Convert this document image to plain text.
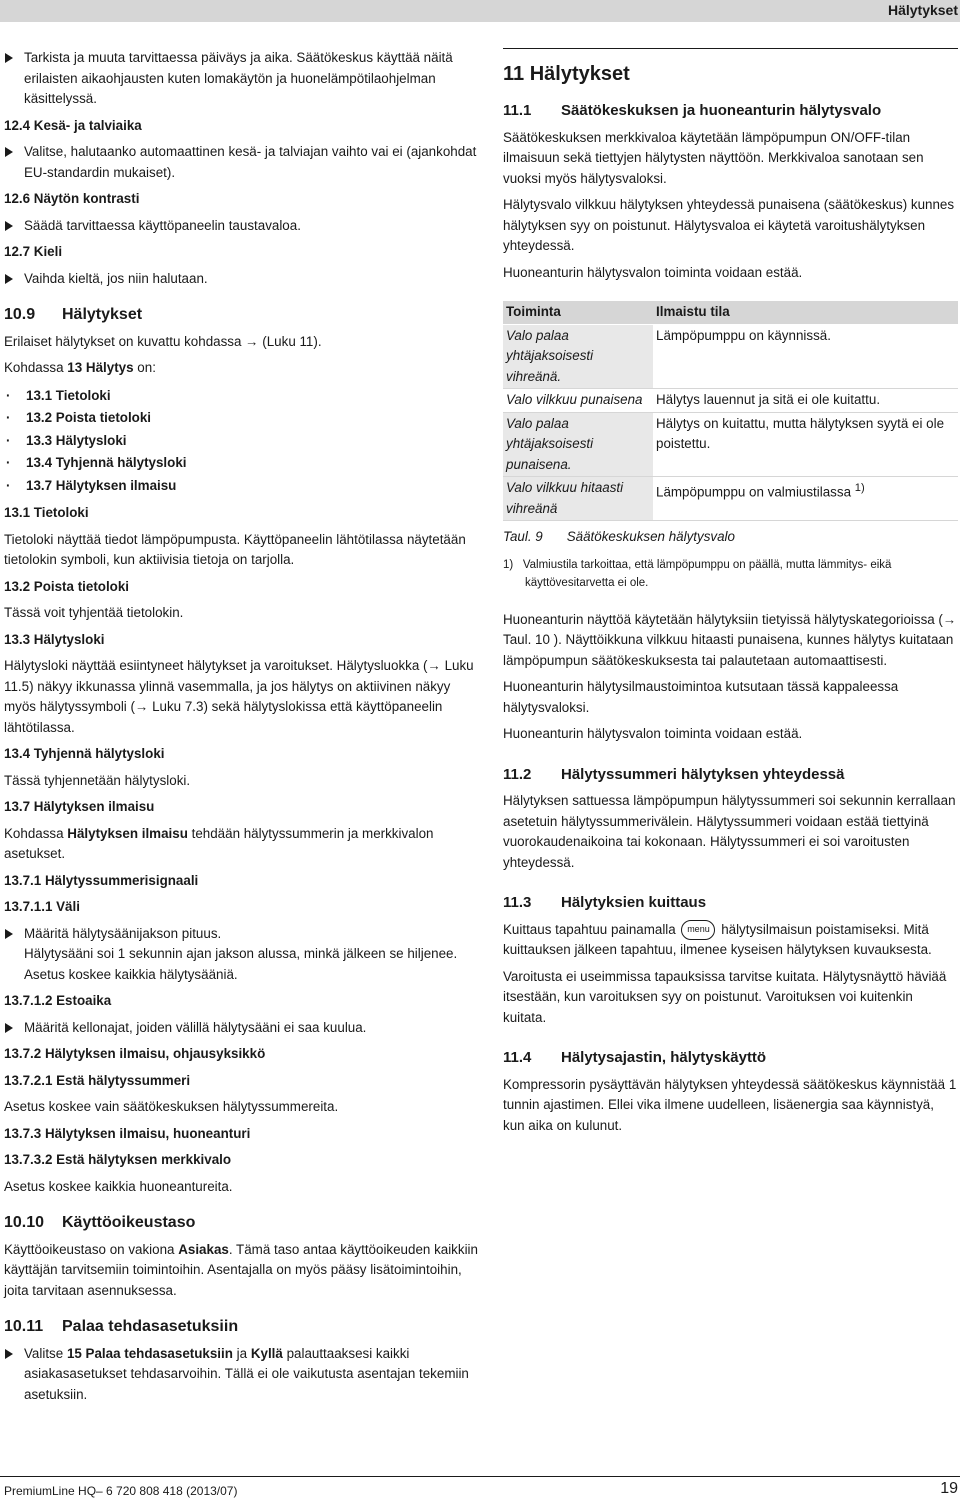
Hälytykset
Tarkista ja muuta tarvittaessa päiväys ja aika. Säätökeskus käyttää näitä erilaisten aikaohjausten kuten lomakäytön ja huonelämpötilaohjelman käsittelyssä.
12.4 Kesä- ja talviaika
Valitse, halutaanko automaattinen kesä- ja talviajan vaihto vai ei (ajankohdat EU-standardin mukaiset).
12.6 Näytön kontrasti
Säädä tarvittaessa käyttöpaneelin taustavaloa.
12.7 Kieli
Vaihda kieltä, jos niin halutaan.
10.9	Hälytykset

Erilaiset hälytykset on kuvattu kohdassa → (Luku 11).

Kohdassa 13 Hälytys on:

· 13.1 Tietoloki
· 13.2 Poista tietoloki
· 13.3 Hälytysloki
· 13.4 Tyhjennä hälytysloki
· 13.7 Hälytyksen ilmaisu
13.1 Tietoloki

Tietoloki näyttää tiedot lämpöpumpusta. Käyttöpaneelin lähtötilassa näytetään tietolokin symboli, kun aktiivisia tietoja on tarjolla.

13.2 Poista tietoloki

Tässä voit tyhjentää tietolokin.

13.3 Hälytysloki

Hälytysloki näyttää esiintyneet hälytykset ja varoitukset. Hälytysluokka (→ Luku 11.5) näkyy ikkunassa ylinnä vasemmalla, ja jos hälytys on aktiivinen näkyy myös hälytyssymboli (→ Luku 7.3) sekä hälytyslokissa että käyttöpaneelin lähtötilassa.

13.4 Tyhjennä hälytysloki

Tässä tyhjennetään hälytysloki.

13.7 Hälytyksen ilmaisu

Kohdassa Hälytyksen ilmaisu tehdään hälytyssummerin ja merkkivalon asetukset.

13.7.1 Hälytyssummerisignaali
13.7.1.1 Väli
Määritä hälytysäänijakson pituus.
Hälytysääni soi 1 sekunnin ajan jakson alussa, minkä jälkeen se hiljenee. Asetus koskee kaikkia hälytysääniä.
13.7.1.2 Estoaika
Määritä kellonajat, joiden välillä hälytysääni ei saa kuulua.
13.7.2 Hälytyksen ilmaisu, ohjausyksikkö
13.7.2.1 Estä hälytyssummeri

Asetus koskee vain säätökeskuksen hälytyssummereita.

13.7.3 Hälytyksen ilmaisu, huoneanturi
13.7.3.2 Estä hälytyksen merkkivalo

Asetus koskee kaikkia huoneantureita.

10.10	Käyttöoikeustaso

Käyttöoikeustaso on vakiona Asiakas. Tämä taso antaa käyttöoikeuden kaikkiin käyttäjän tarvitsemiin toimintoihin. Asentajalla on myös pääsy lisätoimintoihin, joita tarvitaan asennuksessa.

10.11	Palaa tehdasasetuksiin
Valitse 15 Palaa tehdasasetuksiin ja Kyllä palauttaaksesi kaikki asiakasasetukset tehdasarvoihin. Tällä ei ole vaikutusta asentajan tekemiin asetuksiin.
11 Hälytykset
11.1	Säätökeskuksen ja huoneanturin hälytysvalo

Säätökeskuksen merkkivaloa käytetään lämpöpumpun ON/OFF-tilan ilmaisuun sekä tiettyjen hälytysten näyttöön. Merkkivaloa sanotaan sen vuoksi myös hälytysvaloksi.

Hälytysvalo vilkkuu hälytyksen yhteydessä punaisena (säätökeskus) kunnes hälytyksen syy on poistunut. Hälytysvaloa ei käytetä varoitushälytyksen yhteydessä.

Huoneanturin hälytysvalon toiminta voidaan estää.

Toiminta	Ilmaistu tila
Valo palaa yhtäjaksoisesti vihreänä.	Lämpöpumppu on käynnissä.
Valo vilkkuu punaisena	Hälytys lauennut ja sitä ei ole kuitattu.
Valo palaa yhtäjaksoisesti punaisena.	Hälytys on kuitattu, mutta hälytyksen syytä ei ole poistettu.
Valo vilkkuu hitaasti vihreänä	Lämpöpumppu on valmiustilassa $^{1)}$
Taul. 9 Säätökeskuksen hälytysvalo
1) Valmiustila tarkoittaa, että lämpöpumppu on päällä, mutta lämmitys- eikä käyttövesitarvetta ei ole.

Huoneanturin näyttöä käytetään hälytyksiin tietyissä hälytyskategorioissa (→ Taul. 10 ). Näyttöikkuna vilkkuu hitaasti punaisena, kunnes hälytys kuitataan lämpöpumpun säätökeskuksesta tai palautetaan automaattisesti.

Huoneanturin hälytysilmaustoimintoa kutsutaan tässä kappaleessa hälytysvaloksi.

Huoneanturin hälytysvalon toiminta voidaan estää.

11.2	Hälytyssummeri hälytyksen yhteydessä

Hälytyksen sattuessa lämpöpumpun hälytyssummeri soi sekunnin kerrallaan asetetuin hälytyssummerivälein. Hälytyssummeri voidaan estää tiettyinä vuorokaudenaikoina tai kokonaan. Hälytyssummeri ei soi varoitusten yhteydessä.

11.3	Hälytyksien kuittaus

Kuittaus tapahtuu painamalla menu hälytysilmaisun poistamiseksi. Mitä kuittauksen jälkeen tapahtuu, ilmenee kyseisen hälytyksen kuvauksesta.

Varoitusta ei useimmissa tapauksissa tarvitse kuitata. Hälytysnäyttö häviää itsestään, kun varoituksen syy on poistunut. Varoituksen voi kuitenkin kuitata.

11.4	Hälytysajastin, hälytyskäyttö

Kompressorin pysäyttävän hälytyksen yhteydessä säätökeskus käynnistää 1 tunnin ajastimen. Ellei vika ilmene uudelleen, lisäenergia saa käynnistyä, kun aika on kulunut.

PremiumLine HQ– 6 720 808 418 (2013/07)	19
